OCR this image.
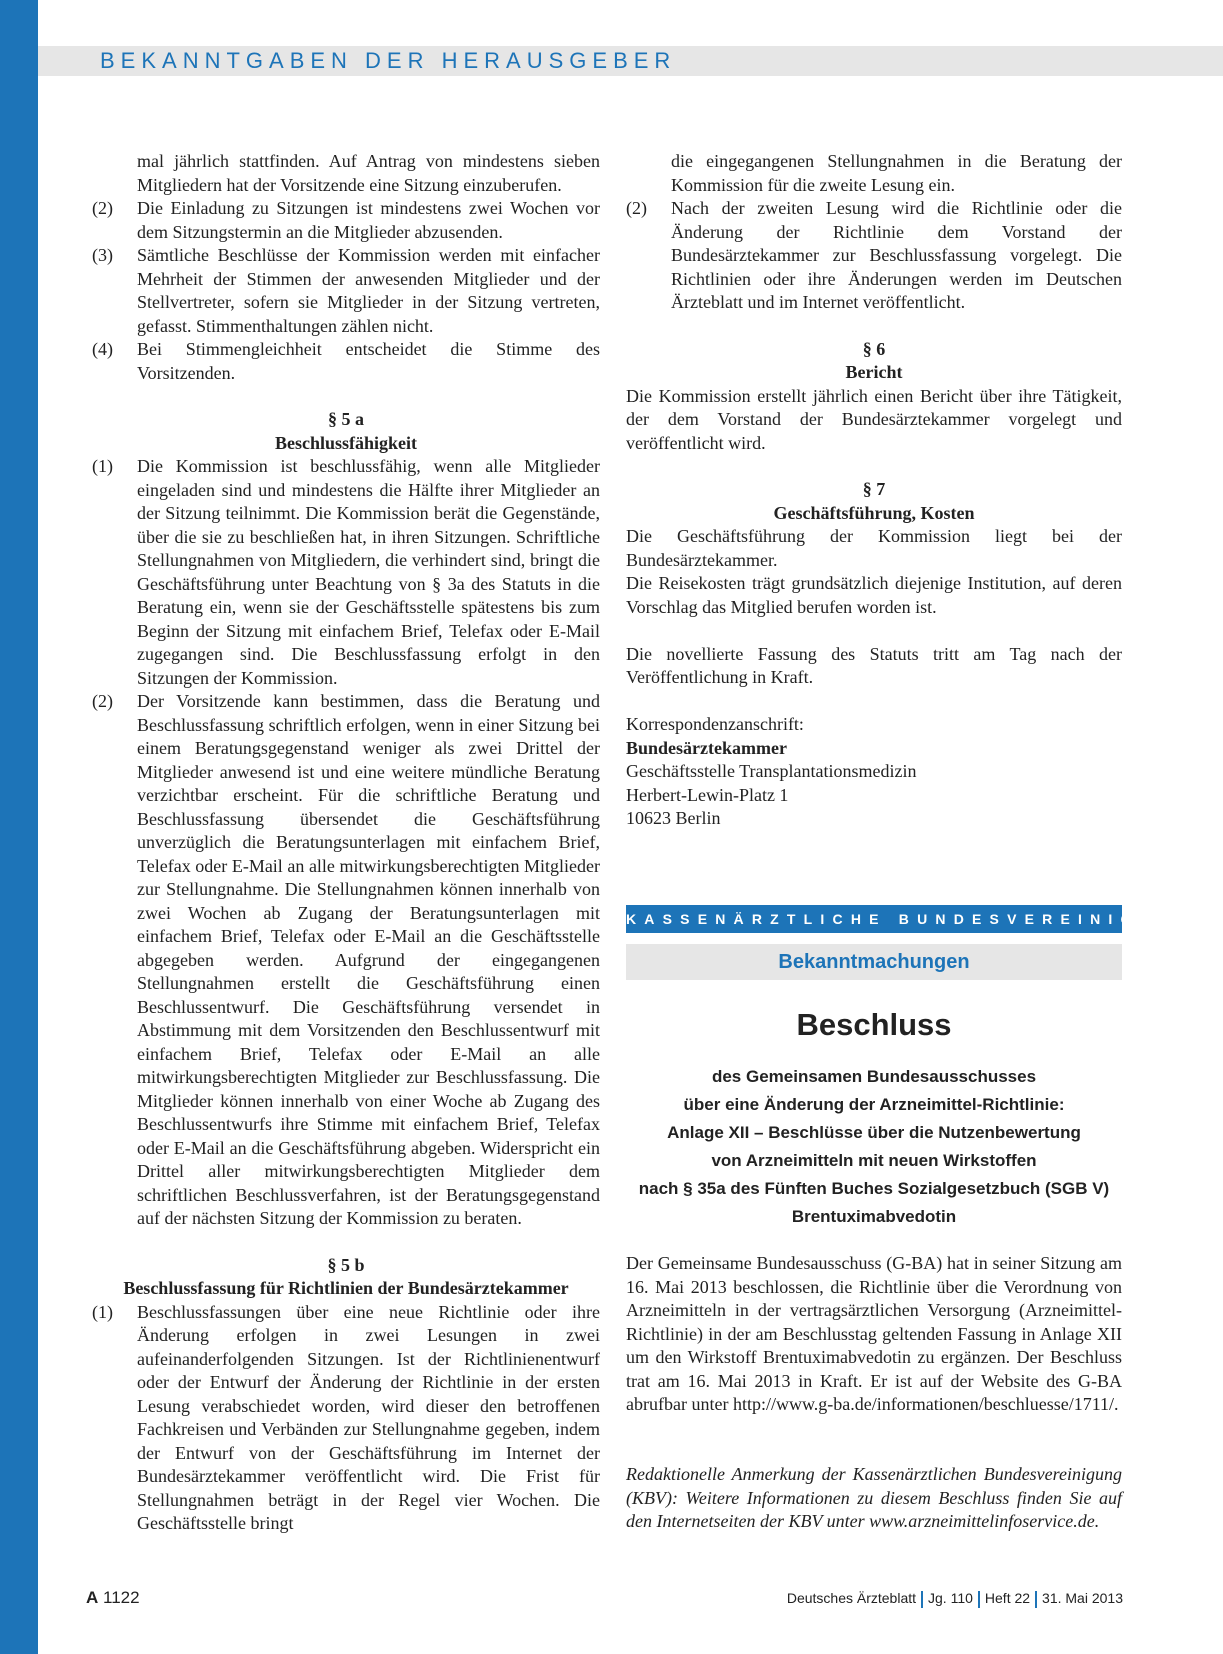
BEKANNTGABEN DER HERAUSGEBER

mal jährlich stattfinden. Auf Antrag von mindestens sieben Mitgliedern hat der Vorsitzende eine Sitzung einzuberufen.

(2) Die Einladung zu Sitzungen ist mindestens zwei Wochen vor dem Sitzungstermin an die Mitglieder abzusenden.
(3) Sämtliche Beschlüsse der Kommission werden mit einfacher Mehrheit der Stimmen der anwesenden Mitglieder und der Stellvertreter, sofern sie Mitglieder in der Sitzung vertreten, gefasst. Stimmenthaltungen zählen nicht.
(4) Bei Stimmengleichheit entscheidet die Stimme des Vorsitzenden.
§ 5 a
Beschlussfähigkeit
(1) Die Kommission ist beschlussfähig, wenn alle Mitglieder eingeladen sind und mindestens die Hälfte ihrer Mitglieder an der Sitzung teilnimmt. Die Kommission berät die Gegenstände, über die sie zu beschließen hat, in ihren Sitzungen. Schriftliche Stellungnahmen von Mitgliedern, die verhindert sind, bringt die Geschäftsführung unter Beachtung von § 3a des Statuts in die Beratung ein, wenn sie der Geschäftsstelle spätestens bis zum Beginn der Sitzung mit einfachem Brief, Telefax oder E-Mail zugegangen sind. Die Beschlussfassung erfolgt in den Sitzungen der Kommission.
(2) Der Vorsitzende kann bestimmen, dass die Beratung und Beschlussfassung schriftlich erfolgen, wenn in einer Sitzung bei einem Beratungsgegenstand weniger als zwei Drittel der Mitglieder anwesend ist und eine weitere mündliche Beratung verzichtbar erscheint. Für die schriftliche Beratung und Beschlussfassung übersendet die Geschäftsführung unverzüglich die Beratungsunterlagen mit einfachem Brief, Telefax oder E-Mail an alle mitwirkungsberechtigten Mitglieder zur Stellungnahme. Die Stellungnahmen können innerhalb von zwei Wochen ab Zugang der Beratungsunterlagen mit einfachem Brief, Telefax oder E-Mail an die Geschäftsstelle abgegeben werden. Aufgrund der eingegangenen Stellungnahmen erstellt die Geschäftsführung einen Beschlussentwurf. Die Geschäftsführung versendet in Abstimmung mit dem Vorsitzenden den Beschlussentwurf mit einfachem Brief, Telefax oder E-Mail an alle mitwirkungsberechtigten Mitglieder zur Beschlussfassung. Die Mitglieder können innerhalb von einer Woche ab Zugang des Beschlussentwurfs ihre Stimme mit einfachem Brief, Telefax oder E-Mail an die Geschäftsführung abgeben. Widerspricht ein Drittel aller mitwirkungsberechtigten Mitglieder dem schriftlichen Beschlussverfahren, ist der Beratungsgegenstand auf der nächsten Sitzung der Kommission zu beraten.
§ 5 b
Beschlussfassung für Richtlinien der Bundesärztekammer
(1) Beschlussfassungen über eine neue Richtlinie oder ihre Änderung erfolgen in zwei Lesungen in zwei aufeinanderfolgenden Sitzungen. Ist der Richtlinienentwurf oder der Entwurf der Änderung der Richtlinie in der ersten Lesung verabschiedet worden, wird dieser den betroffenen Fachkreisen und Verbänden zur Stellungnahme gegeben, indem der Entwurf von der Geschäftsführung im Internet der Bundesärztekammer veröffentlicht wird. Die Frist für Stellungnahmen beträgt in der Regel vier Wochen. Die Geschäftsstelle bringt

die eingegangenen Stellungnahmen in die Beratung der Kommission für die zweite Lesung ein.

(2) Nach der zweiten Lesung wird die Richtlinie oder die Änderung der Richtlinie dem Vorstand der Bundesärztekammer zur Beschlussfassung vorgelegt. Die Richtlinien oder ihre Änderungen werden im Deutschen Ärzteblatt und im Internet veröffentlicht.
§ 6
Bericht

Die Kommission erstellt jährlich einen Bericht über ihre Tätigkeit, der dem Vorstand der Bundesärztekammer vorgelegt und veröffentlicht wird.

§ 7
Geschäftsführung, Kosten

Die Geschäftsführung der Kommission liegt bei der Bundesärztekammer.

Die Reisekosten trägt grundsätzlich diejenige Institution, auf deren Vorschlag das Mitglied berufen worden ist.

Die novellierte Fassung des Statuts tritt am Tag nach der Veröffentlichung in Kraft.

Korrespondenzanschrift:
Bundesärztekammer
Geschäftsstelle Transplantationsmedizin
Herbert-Lewin-Platz 1
10623 Berlin
KASSENÄRZTLICHE BUNDESVEREINIGUNG
Bekanntmachungen
Beschluss
des Gemeinsamen Bundesausschusses
über eine Änderung der Arzneimittel-Richtlinie:
Anlage XII – Beschlüsse über die Nutzenbewertung
von Arzneimitteln mit neuen Wirkstoffen
nach § 35a des Fünften Buches Sozialgesetzbuch (SGB V)
Brentuximabvedotin
Der Gemeinsame Bundesausschuss (G-BA) hat in seiner Sitzung am 16. Mai 2013 beschlossen, die Richtlinie über die Verordnung von Arzneimitteln in der vertragsärztlichen Versorgung (Arzneimittel-Richtlinie) in der am Beschlusstag geltenden Fassung in Anlage XII um den Wirkstoff Brentuximabvedotin zu ergänzen. Der Beschluss trat am 16. Mai 2013 in Kraft. Er ist auf der Website des G-BA abrufbar unter http://www.g-ba.de/informationen/beschluesse/1711/.
Redaktionelle Anmerkung der Kassenärztlichen Bundesvereinigung (KBV): Weitere Informationen zu diesem Beschluss finden Sie auf den Internetseiten der KBV unter www.arzneimittelinfoservice.de.
A 1122	Deutsches Ärzteblatt Jg. 110 Heft 22 31. Mai 2013
